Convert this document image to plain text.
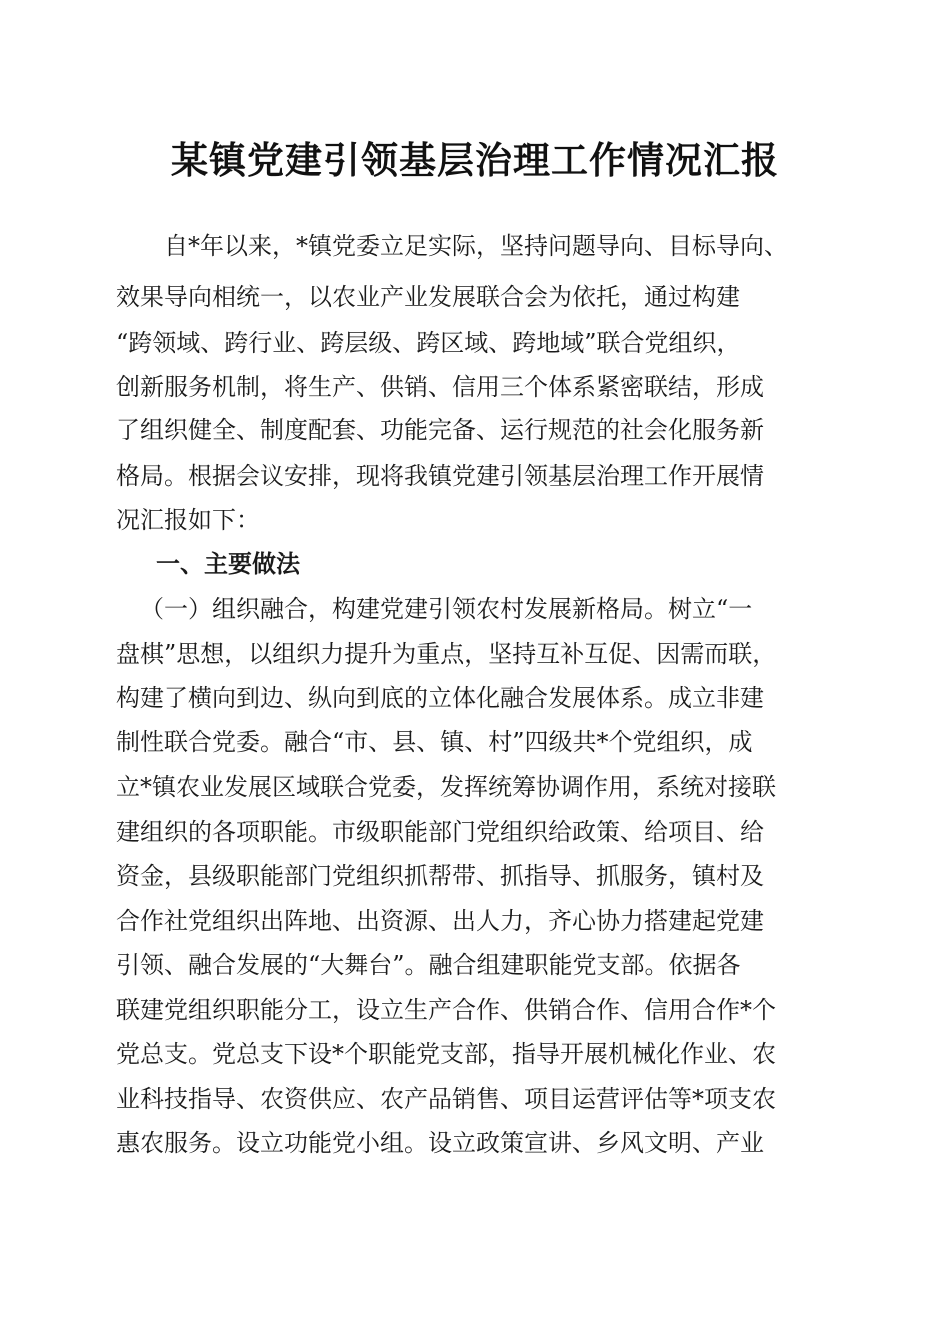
某镇党建引领基层治理工作情况汇报
自*年以来，*镇党委立足实际，坚持问题导向、目标导向、
效果导向相统一，以农业产业发展联合会为依托，通过构建
“跨领域、跨行业、跨层级、跨区域、跨地域”联合党组织，
创新服务机制，将生产、供销、信用三个体系紧密联结，形成
了组织健全、制度配套、功能完备、运行规范的社会化服务新
格局。根据会议安排，现将我镇党建引领基层治理工作开展情
况汇报如下：
一、主要做法
（一）组织融合，构建党建引领农村发展新格局。树立“一
盘棋”思想，以组织力提升为重点，坚持互补互促、因需而联，
构建了横向到边、纵向到底的立体化融合发展体系。成立非建
制性联合党委。融合“市、县、镇、村”四级共*个党组织，成
立*镇农业发展区域联合党委，发挥统筹协调作用，系统对接联
建组织的各项职能。市级职能部门党组织给政策、给项目、给
资金，县级职能部门党组织抓帮带、抓指导、抓服务，镇村及
合作社党组织出阵地、出资源、出人力，齐心协力搭建起党建
引领、融合发展的“大舞台”。融合组建职能党支部。依据各
联建党组织职能分工，设立生产合作、供销合作、信用合作*个
党总支。党总支下设*个职能党支部，指导开展机械化作业、农
业科技指导、农资供应、农产品销售、项目运营评估等*项支农
惠农服务。设立功能党小组。设立政策宣讲、乡风文明、产业
